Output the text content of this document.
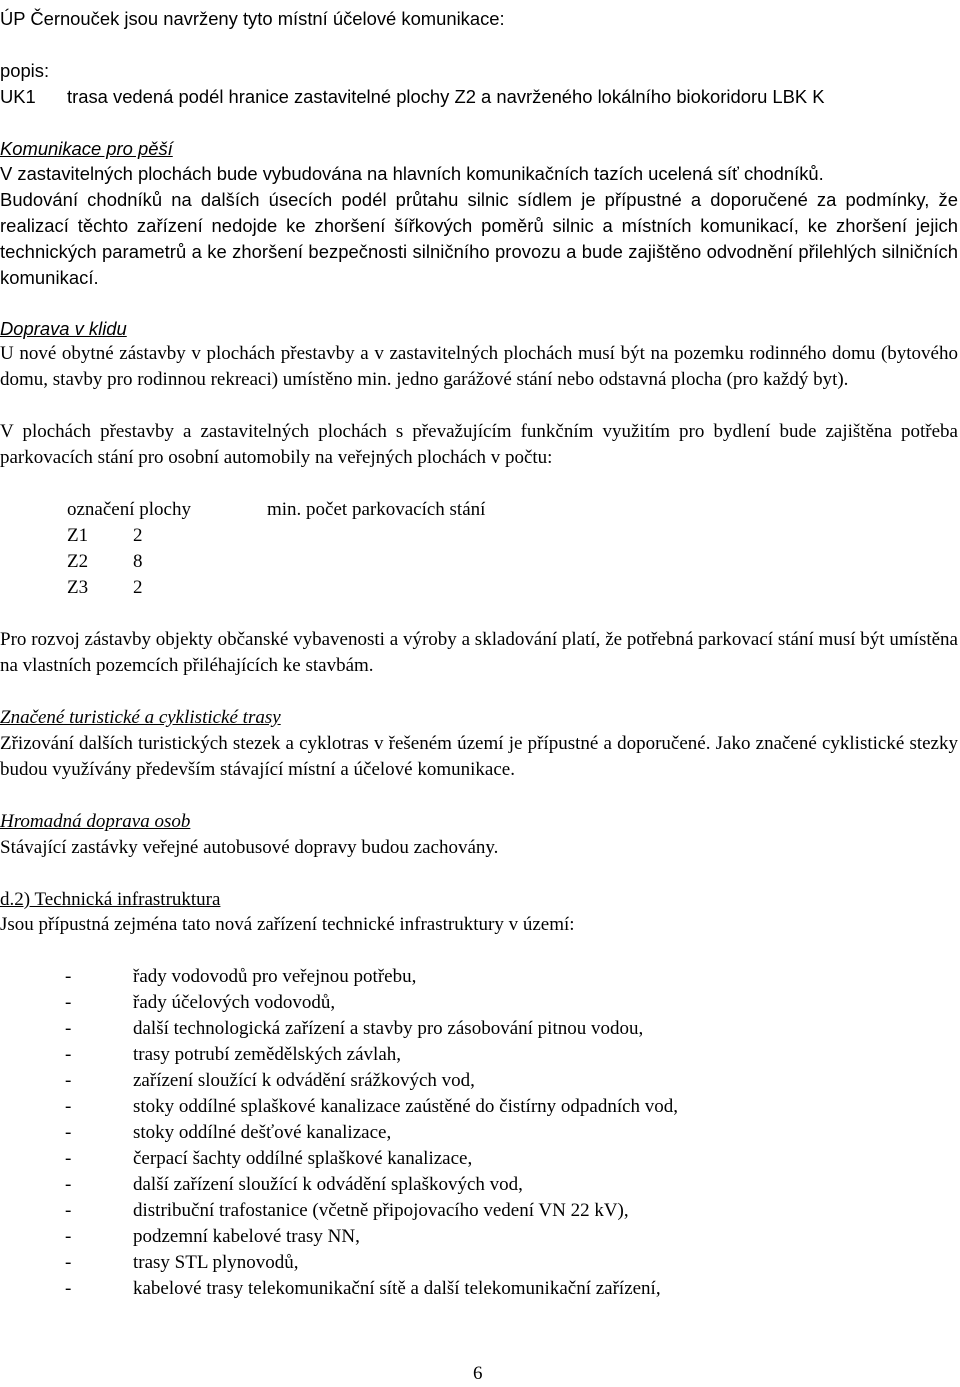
ÚP Černouček jsou navrženy tyto místní účelové komunikace:
popis:
UK1 trasa vedená podél hranice zastavitelné plochy Z2 a navrženého lokálního biokoridoru LBK K
Komunikace pro pěší
V zastavitelných plochách bude vybudována na hlavních komunikačních tazích ucelená síť chodníků.
Budování chodníků na dalších úsecích podél průtahu silnic sídlem je přípustné a doporučené za podmínky, že realizací těchto zařízení nedojde ke zhoršení šířkových poměrů silnic a místních komunikací, ke zhoršení jejich technických parametrů a ke zhoršení bezpečnosti silničního provozu a bude zajištěno odvodnění přilehlých silničních komunikací.
Doprava v klidu
U nové obytné zástavby v plochách přestavby a v zastavitelných plochách musí být na pozemku rodinného domu (bytového domu, stavby pro rodinnou rekreaci) umístěno min. jedno garážové stání nebo odstavná plocha (pro každý byt).
V plochách přestavby a zastavitelných plochách s převažujícím funkčním využitím pro bydlení bude zajištěna potřeba parkovacích stání pro osobní automobily na veřejných plochách v počtu:
označení plochy	min. počet parkovacích stání
Z1 2
Z2 8
Z3 2
Pro rozvoj zástavby objekty občanské vybavenosti a výroby a skladování platí, že potřebná parkovací stání musí být umístěna na vlastních pozemcích přiléhajících ke stavbám.
Značené turistické a cyklistické trasy
Zřizování dalších turistických stezek a cyklotras v řešeném území je přípustné a doporučené. Jako značené cyklistické stezky budou využívány především stávající místní a účelové komunikace.
Hromadná doprava osob
Stávající zastávky veřejné autobusové dopravy budou zachovány.
d.2) Technická infrastruktura
Jsou přípustná zejména tato nová zařízení technické infrastruktury v území:
-	řady vodovodů pro veřejnou potřebu,
-	řady účelových vodovodů,
-	další technologická zařízení a stavby pro zásobování pitnou vodou,
-	trasy potrubí zemědělských závlah,
-	zařízení sloužící k odvádění srážkových vod,
-	stoky oddílné splaškové kanalizace zaústěné do čistírny odpadních vod,
-	stoky oddílné dešťové kanalizace,
-	čerpací šachty oddílné splaškové kanalizace,
-	další zařízení sloužící k odvádění splaškových vod,
-	distribuční trafostanice (včetně připojovacího vedení VN 22 kV),
-	podzemní kabelové trasy NN,
-	trasy STL plynovodů,
-	kabelové trasy telekomunikační sítě a další telekomunikační zařízení,
6
